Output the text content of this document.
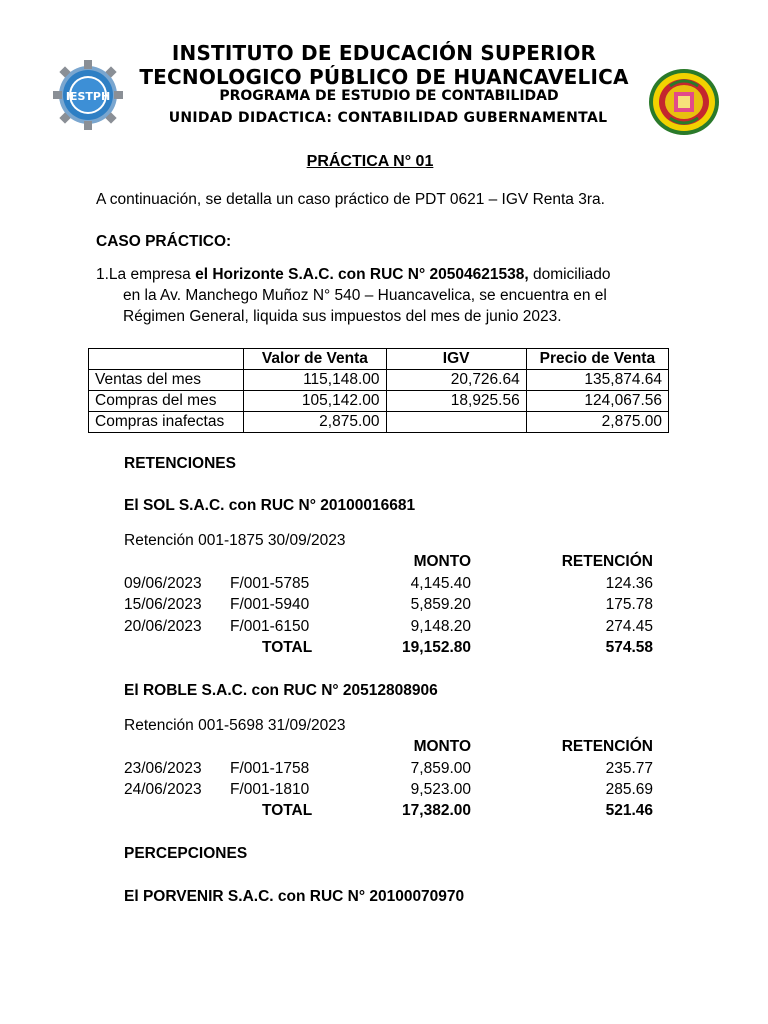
IESTPH
INSTITUTO DE EDUCACIÓN SUPERIOR
TECNOLOGICO PÚBLICO DE HUANCAVELICA
PROGRAMA DE ESTUDIO DE CONTABILIDAD
UNIDAD DIDACTICA: CONTABILIDAD GUBERNAMENTAL
PRÁCTICA N° 01
A continuación, se detalla un caso práctico de PDT 0621 – IGV Renta 3ra.
CASO PRÁCTICO:
1.La empresa el Horizonte S.A.C. con RUC N° 20504621538, domiciliado
en la Av. Manchego Muñoz N° 540 – Huancavelica, se encuentra en el
Régimen General, liquida sus impuestos del mes de junio 2023.
	Valor de Venta	IGV	Precio de Venta
Ventas del mes	115,148.00	20,726.64	135,874.64
Compras del mes	105,142.00	18,925.56	124,067.56
Compras inafectas	2,875.00		2,875.00
RETENCIONES
El SOL S.A.C. con RUC N° 20100016681
Retención 001-1875 30/09/2023
MONTO	RETENCIÓN
09/06/2023 F/001-5785	4,145.40	124.36
15/06/2023 F/001-5940	5,859.20	175.78
20/06/2023 F/001-6150	9,148.20	274.45
TOTAL	19,152.80	574.58
El ROBLE S.A.C. con RUC N° 20512808906
Retención 001-5698 31/09/2023
MONTO	RETENCIÓN
23/06/2023 F/001-1758	7,859.00	235.77
24/06/2023 F/001-1810	9,523.00	285.69
TOTAL	17,382.00	521.46
PERCEPCIONES
El PORVENIR S.A.C. con RUC N° 20100070970
